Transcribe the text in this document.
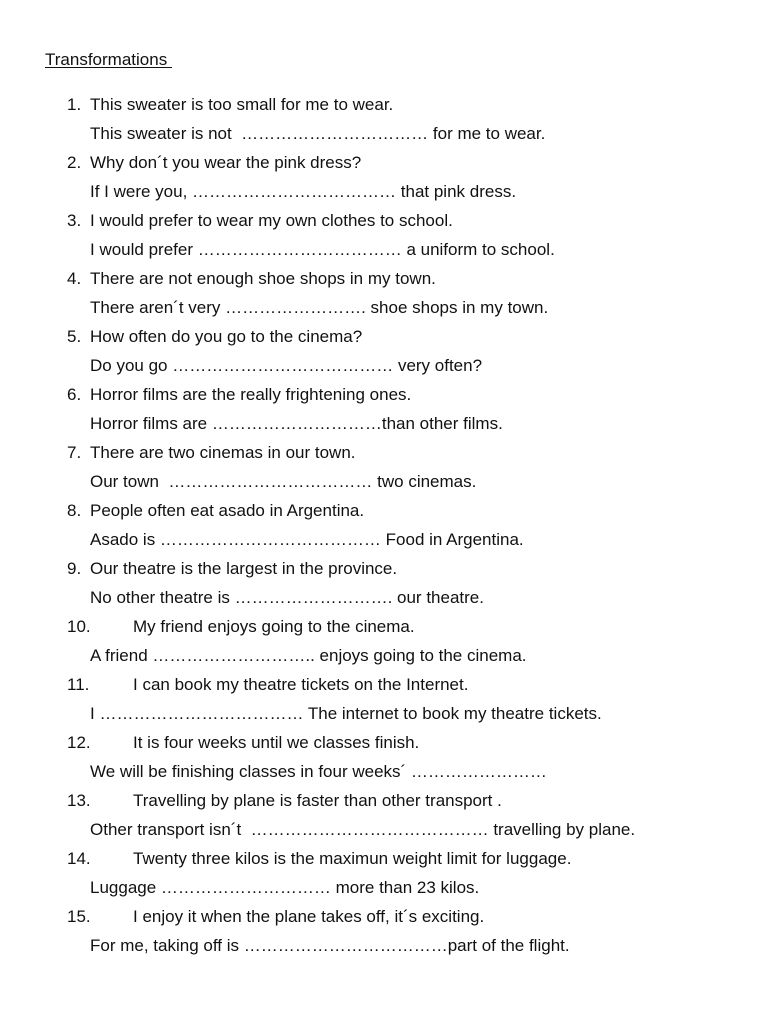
Transformations
1. This sweater is too small for me to wear.
This sweater is not  …………………………… for me to wear.
2. Why don´t you wear the pink dress?
If I were you, ……………………………… that pink dress.
3. I would prefer to wear my own clothes to school.
I would prefer ……………………………… a uniform to school.
4. There are not enough shoe shops in my town.
There aren´t very ……………………. shoe shops in my town.
5. How often do you go to the cinema?
Do you go ………………………………… very often?
6. Horror films are the really frightening ones.
Horror films are …………………………than other films.
7. There are two cinemas in our town.
Our town  ……………………………… two cinemas.
8. People often eat asado in Argentina.
Asado is ………………………………… Food in Argentina.
9. Our theatre is the largest in the province.
No other theatre is ………………………. our theatre.
10. My friend enjoys going to the cinema.
A friend ……………………….. enjoys going to the cinema.
11.	I can book my theatre tickets on the Internet.
I ……………………………… The internet to book my theatre tickets.
12. It is four weeks until we classes finish.
We will be finishing classes in four weeks´ ……………………
13. Travelling by plane is faster than other transport .
Other transport isn´t  …………………………………… travelling by plane.
14. Twenty three kilos is the maximun weight limit for luggage.
Luggage ………………………… more than 23 kilos.
15. I enjoy it when the plane takes off, it´s exciting.
For me, taking off is ………………………………part of the flight.
